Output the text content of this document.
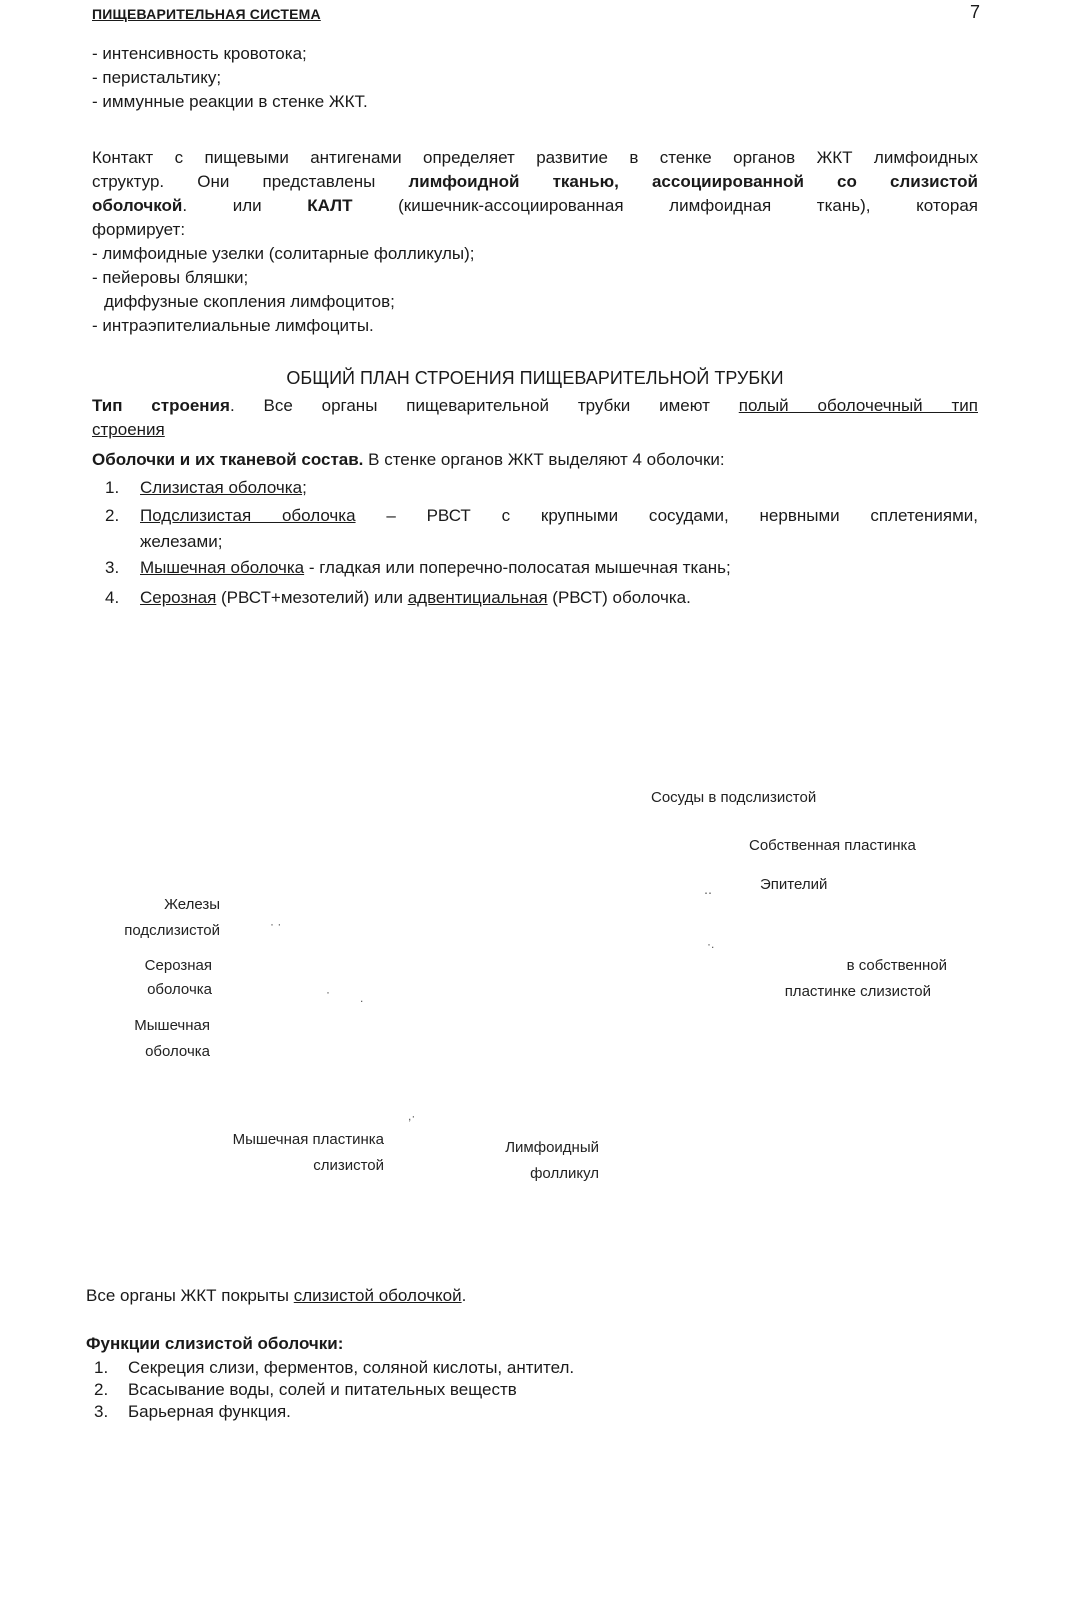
ПИЩЕВАРИТЕЛЬНАЯ СИСТЕМА	7
- интенсивность кровотока;
- перистальтику;
- иммунные реакции в стенке ЖКТ.
Контакт с пищевыми антигенами определяет развитие в стенке органов ЖКТ лимфоидных
структур. Они представлены лимфоидной тканью, ассоциированной со слизистой
оболочкой. или КАЛТ (кишечник-ассоциированная лимфоидная ткань), которая
формирует:
- лимфоидные узелки (солитарные фолликулы);
- пейеровы бляшки;
диффузные скопления лимфоцитов;
- интраэпителиальные лимфоциты.
ОБЩИЙ ПЛАН СТРОЕНИЯ ПИЩЕВАРИТЕЛЬНОЙ ТРУБКИ
Тип строения. Все органы пищеварительной трубки имеют полый оболочечный тип
строения
Оболочки и их тканевой состав. В стенке органов ЖКТ выделяют 4 оболочки:
1. Слизистая оболочка;
2. Подслизистая оболочка – РВСТ с крупными сосудами, нервными сплетениями,
железами;
3. Мышечная оболочка - гладкая или поперечно-полосатая мышечная ткань;
4. Серозная (РВСТ+мезотелий) или адвентициальная (РВСТ) оболочка.
Сосуды в подслизистой
Собственная пластинка
‥	Эпителий
Железы
подслизистой	· ·
·.
Серозная
оболочка	·	.
в собственной
пластинке слизистой
Мышечная
оболочка
,·
Мышечная пластинка
слизистой
Лимфоидный
фолликул
Все органы ЖКТ покрыты слизистой оболочкой.
Функции слизистой оболочки:
1. Секреция слизи, ферментов, соляной кислоты, антител.
2. Всасывание воды, солей и питательных веществ
3. Барьерная функция.
